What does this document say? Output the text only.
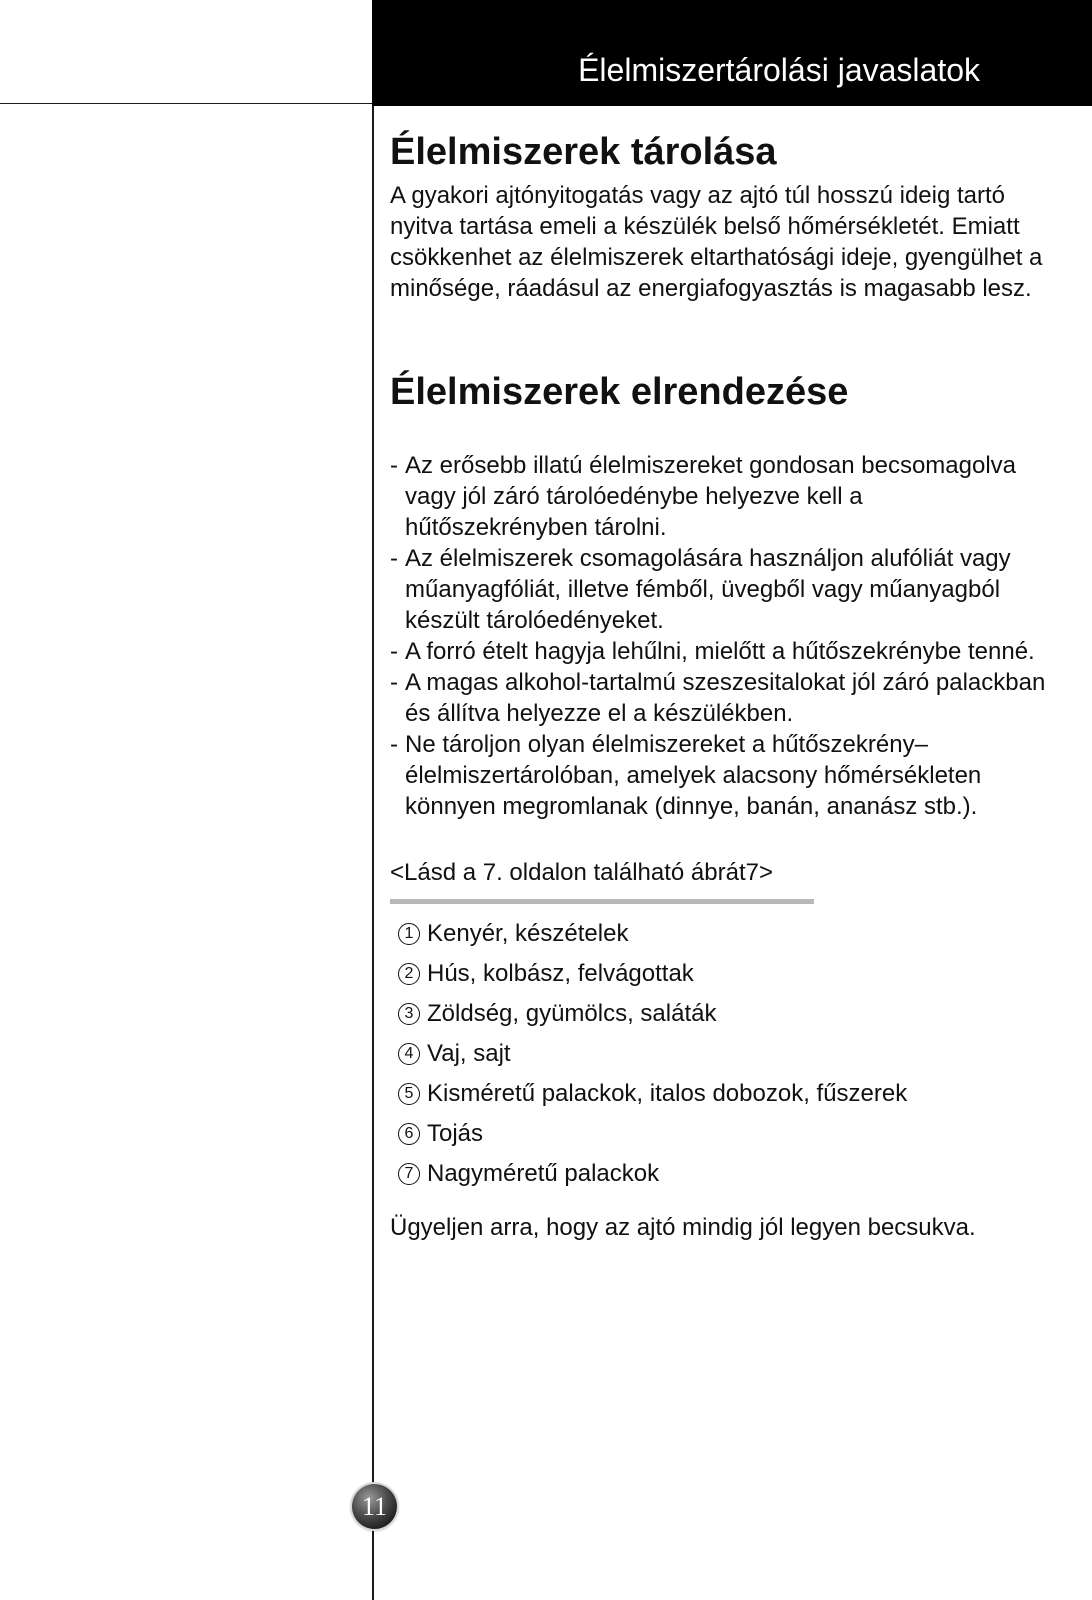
Élelmiszertárolási javaslatok
Élelmiszerek tárolása

A gyakori ajtónyitogatás vagy az ajtó túl hosszú ideig tartó nyitva tartása emeli a készülék belső hőmérsékletét. Emiatt csökkenhet az élelmiszerek eltarthatósági ideje, gyengülhet a minősége, ráadásul az energiafogyasztás is magasabb lesz.

Élelmiszerek elrendezése
- Az erősebb illatú élelmiszereket gondosan becsomagolva vagy jól záró tárolóedénybe helyezve kell a hűtőszekrényben tárolni.
- Az élelmiszerek csomagolására használjon alufóliát vagy műanyagfóliát, illetve fémből, üvegből vagy műanyagból készült tárolóedényeket.
- A forró ételt hagyja lehűlni, mielőtt a hűtőszekrénybe tenné.
- A magas alkohol-tartalmú szeszesitalokat jól záró palackban és állítva helyezze el a készülékben.
- Ne tároljon olyan élelmiszereket a hűtőszekrény–élelmiszertárolóban, amelyek alacsony hőmérsékleten könnyen megromlanak (dinnye, banán, ananász stb.).
<Lásd a 7. oldalon található ábrát7>
1 Kenyér, készételek
2 Hús, kolbász, felvágottak
3 Zöldség, gyümölcs, saláták
4 Vaj, sajt
5 Kisméretű palackok, italos dobozok, fűszerek
6 Tojás
7 Nagyméretű palackok

Ügyeljen arra, hogy az ajtó mindig jól legyen becsukva.

11
